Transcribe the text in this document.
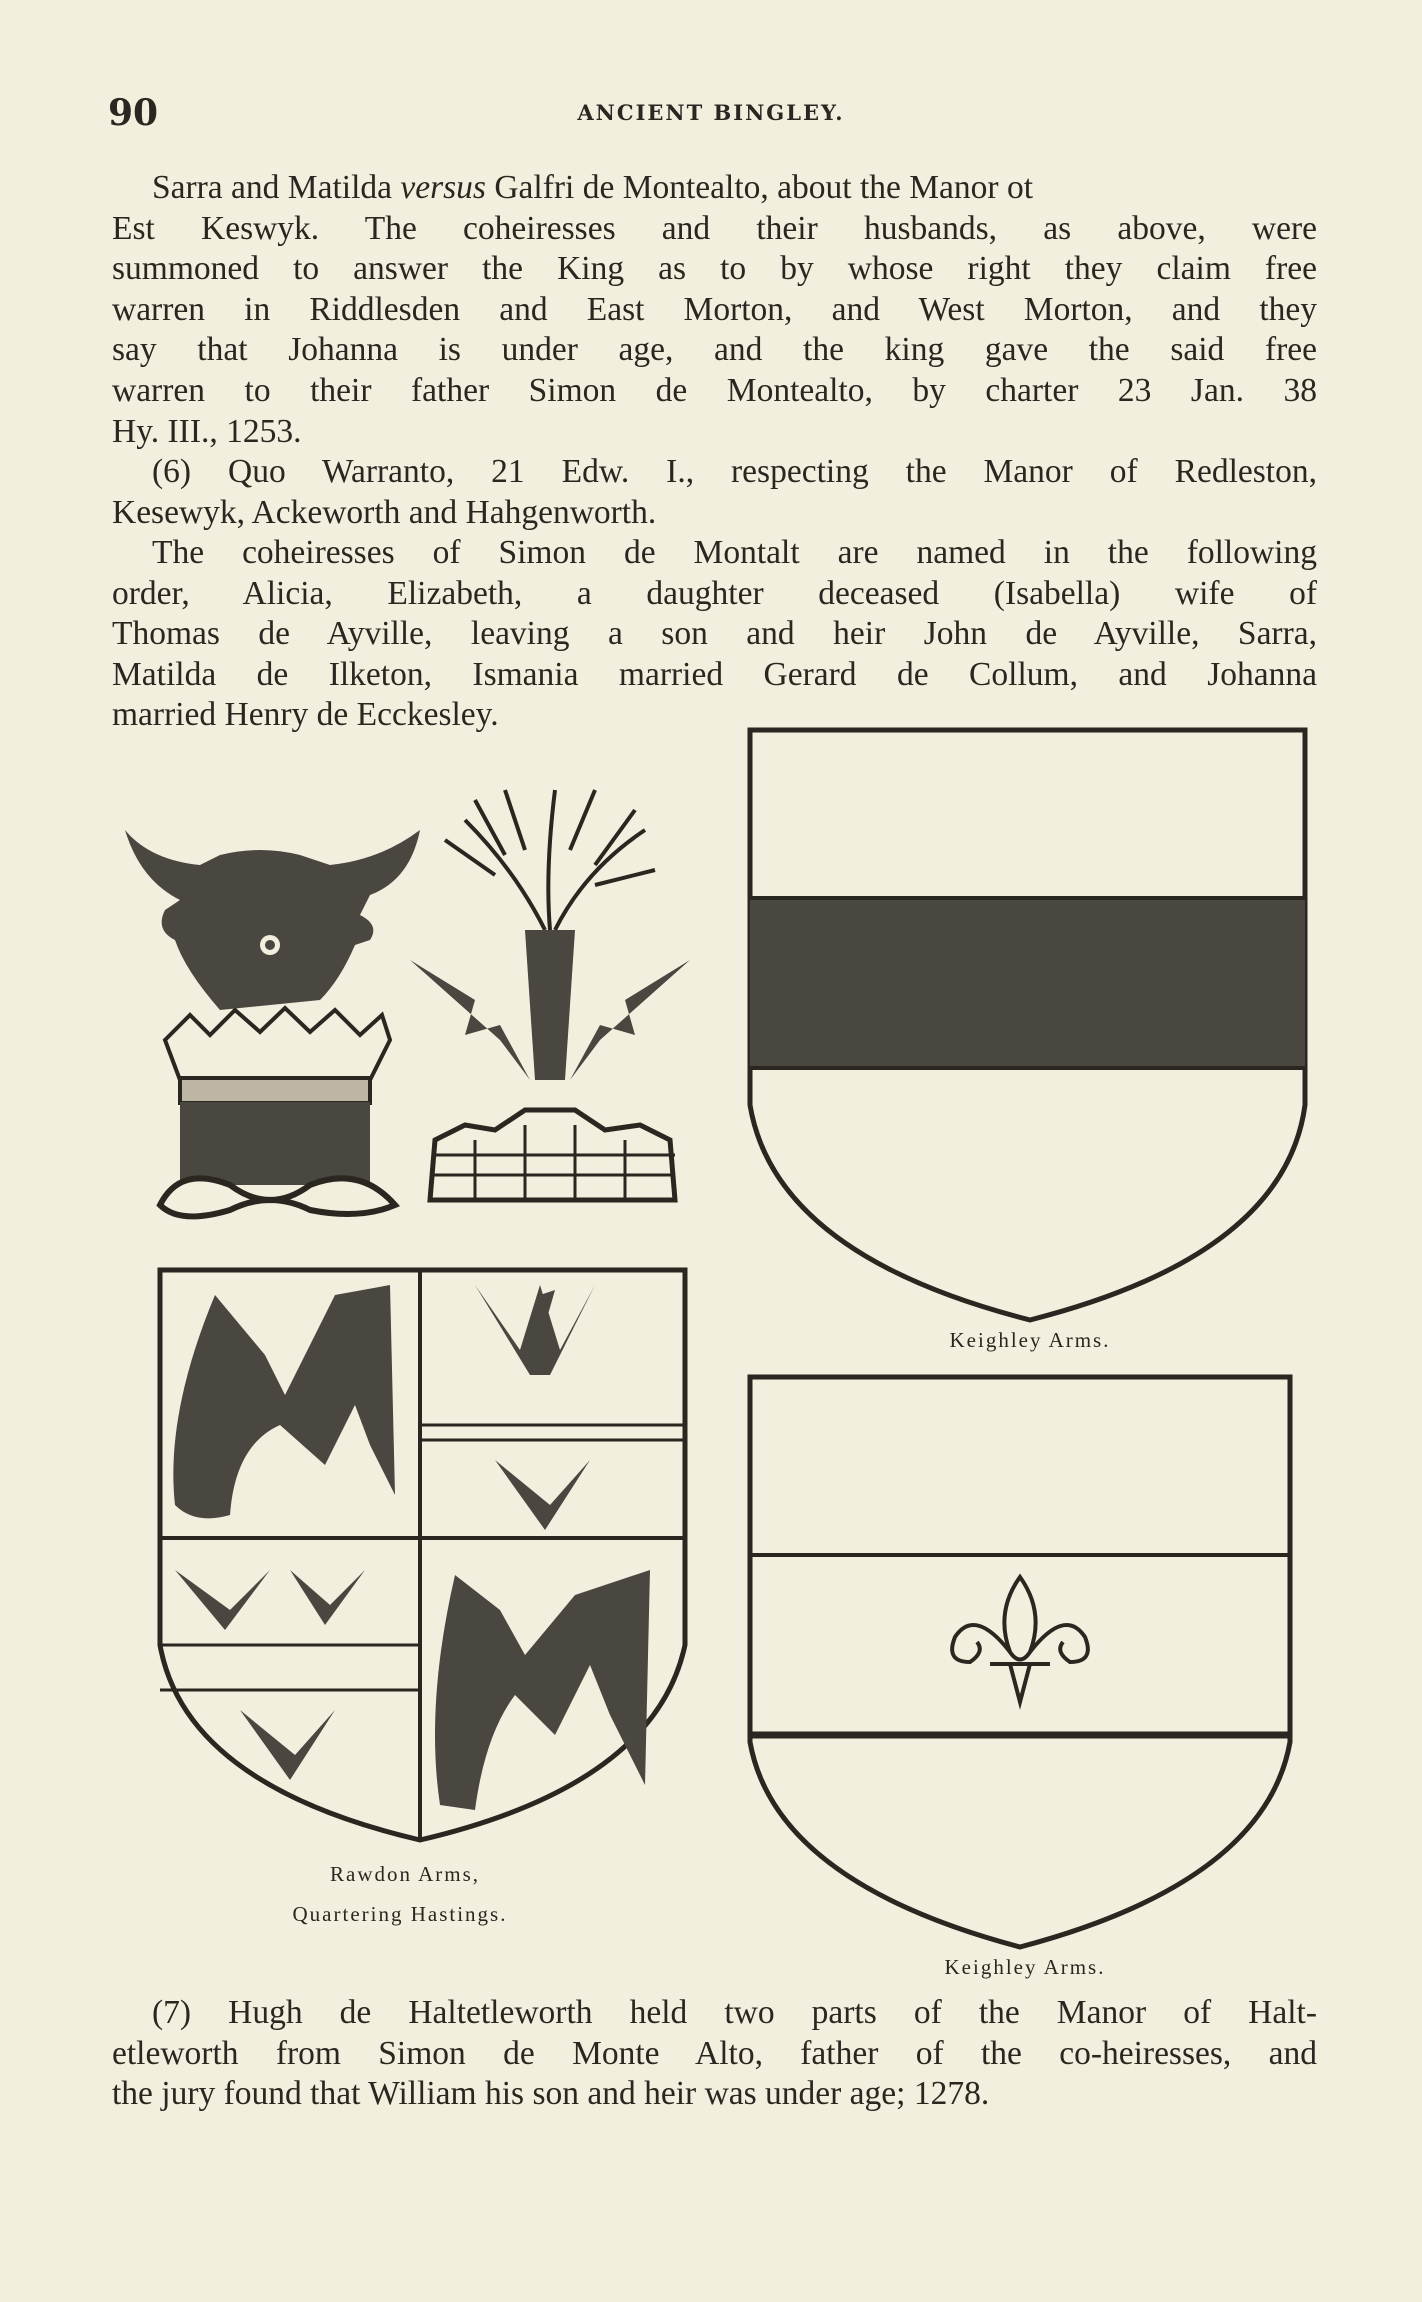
90	ANCIENT BINGLEY.
Sarra and Matilda versus Galfri de Montealto, about the Manor ot
Est Keswyk. The coheiresses and their husbands, as above, were
summoned to answer the King as to by whose right they claim free
warren in Riddlesden and East Morton, and West Morton, and they
say that Johanna is under age, and the king gave the said free
warren to their father Simon de Montealto, by charter 23 Jan. 38
Hy. III., 1253.
(6) Quo Warranto, 21 Edw. I., respecting the Manor of Redleston,
Kesewyk, Ackeworth and Hahgenworth.
The coheiresses of Simon de Montalt are named in the following
order, Alicia, Elizabeth, a daughter deceased (Isabella) wife of
Thomas de Ayville, leaving a son and heir John de Ayville, Sarra,
Matilda de Ilketon, Ismania married Gerard de Collum, and Johanna
married Henry de Ecckesley.
Keighley Arms.
Rawdon Arms,
Quartering Hastings.
Keighley Arms.
(7) Hugh de Haltetleworth held two parts of the Manor of Halt-
etleworth from Simon de Monte Alto, father of the co-heiresses, and
the jury found that William his son and heir was under age; 1278.
